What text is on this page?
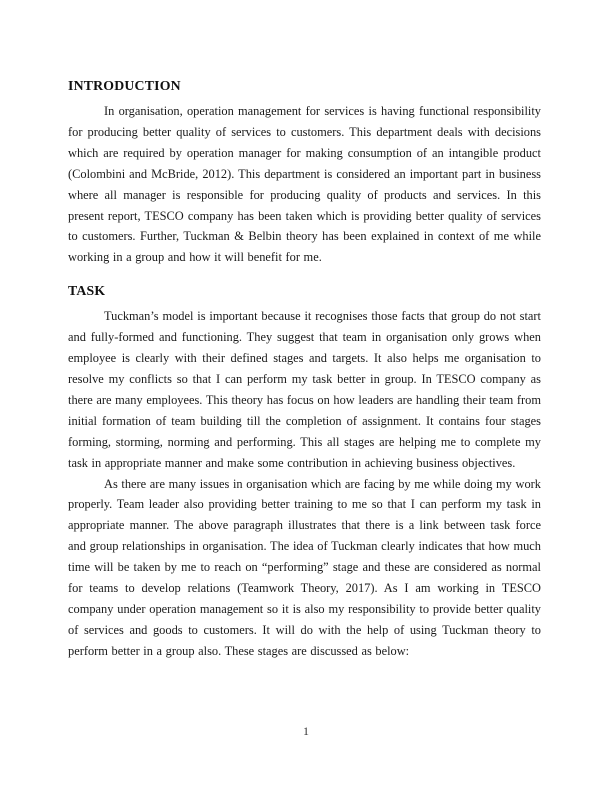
INTRODUCTION

In organisation, operation management for services is having functional responsibility for producing better quality of services to customers. This department deals with decisions which are required by operation manager for making consumption of an intangible product (Colombini and McBride, 2012). This department is considered an important part in business where all manager is responsible for producing quality of products and services. In this present report, TESCO company has been taken which is providing better quality of services to customers. Further, Tuckman & Belbin theory has been explained in context of me while working in a group and how it will benefit for me.

TASK

Tuckman’s model is important because it recognises those facts that group do not start and fully-formed and functioning. They suggest that team in organisation only grows when employee is clearly with their defined stages and targets. It also helps me organisation to resolve my conflicts so that I can perform my task better in group. In TESCO company as there are many employees. This theory has focus on how leaders are handling their team from initial formation of team building till the completion of assignment. It contains four stages forming, storming, norming and performing. This all stages are helping me to complete my task in appropriate manner and make some contribution in achieving business objectives.

As there are many issues in organisation which are facing by me while doing my work properly. Team leader also providing better training to me so that I can perform my task in appropriate manner. The above paragraph illustrates that there is a link between task force and group relationships in organisation. The idea of Tuckman clearly indicates that how much time will be taken by me to reach on “performing” stage and these are considered as normal for teams to develop relations (Teamwork Theory, 2017). As I am working in TESCO company under operation management so it is also my responsibility to provide better quality of services and goods to customers. It will do with the help of using Tuckman theory to perform better in a group also. These stages are discussed as below:

1
